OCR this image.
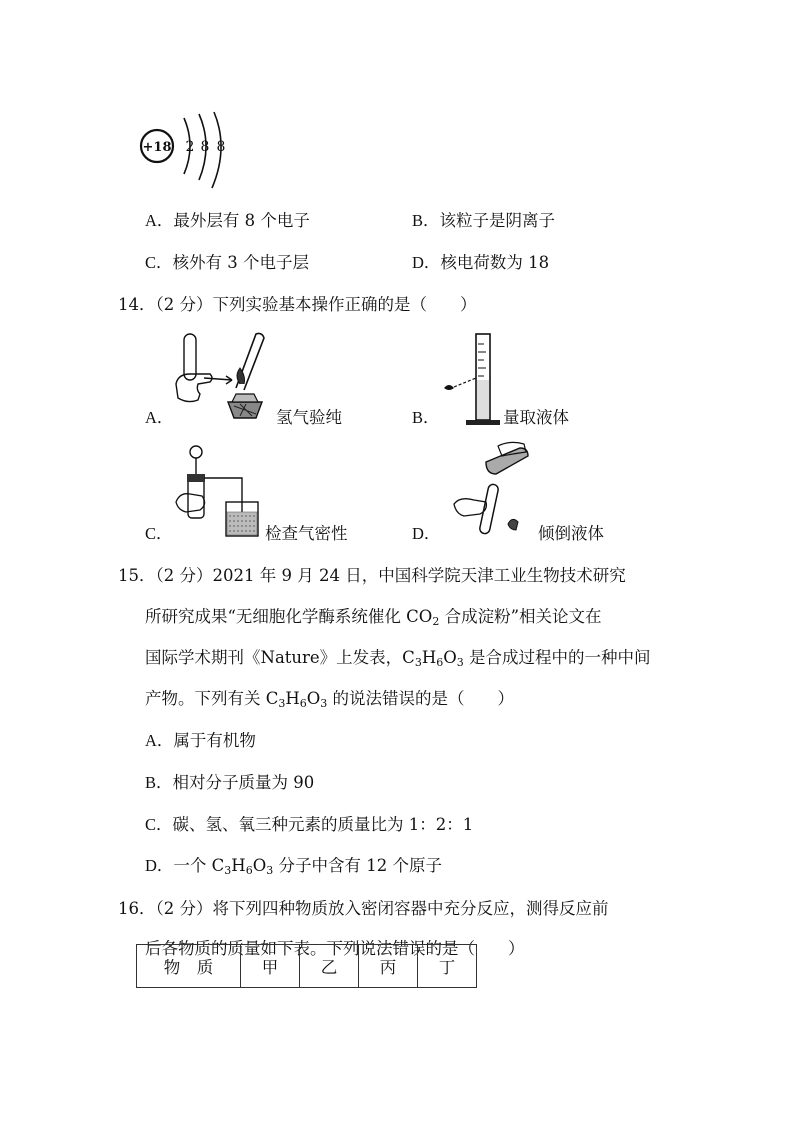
+18 2 8 8
A．最外层有 8 个电子	B．该粒子是阴离子
C．核外有 3 个电子层	D．核电荷数为 18
14．（2 分）下列实验基本操作正确的是（　　）
A．	氢气验纯	B．	量取液体
C．	检查气密性	D．	倾倒液体
15．（2 分）2021 年 9 月 24 日，中国科学院天津工业生物技术研究
所研究成果“无细胞化学酶系统催化 $CO_2$ 合成淀粉”相关论文在
国际学术期刊《Nature》上发表，$C_3H_6O_3$ 是合成过程中的一种中间
产物。下列有关 $C_3H_6O_3$ 的说法错误的是（　　）
A．属于有机物
B．相对分子质量为 90
C．碳、氢、氧三种元素的质量比为 1：2：1
D．一个 $C_3H_6O_3$ 分子中含有 12 个原子
16．（2 分）将下列四种物质放入密闭容器中充分反应，测得反应前
后各物质的质量如下表。下列说法错误的是（　　）
物　质	甲	乙	丙	丁
